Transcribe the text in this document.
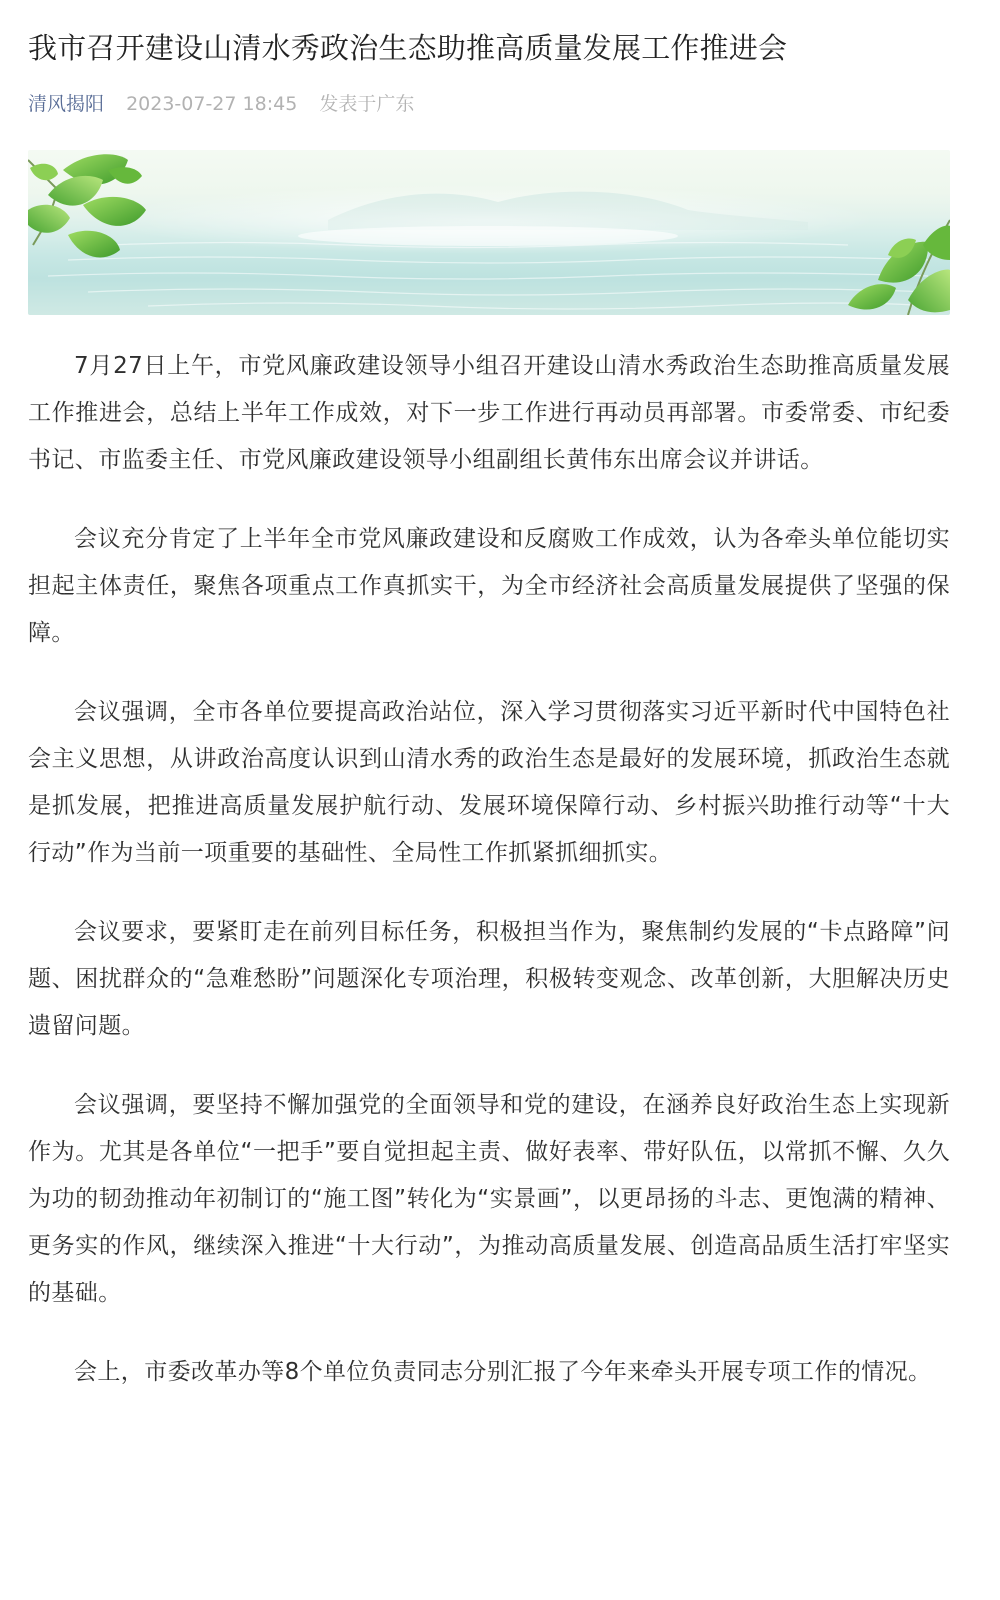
我市召开建设山清水秀政治生态助推高质量发展工作推进会
清风揭阳 2023-07-27 18:45 发表于广东

7月27日上午，市党风廉政建设领导小组召开建设山清水秀政治生态助推高质量发展工作推进会，总结上半年工作成效，对下一步工作进行再动员再部署。市委常委、市纪委书记、市监委主任、市党风廉政建设领导小组副组长黄伟东出席会议并讲话。

会议充分肯定了上半年全市党风廉政建设和反腐败工作成效，认为各牵头单位能切实担起主体责任，聚焦各项重点工作真抓实干，为全市经济社会高质量发展提供了坚强的保障。

会议强调，全市各单位要提高政治站位，深入学习贯彻落实习近平新时代中国特色社会主义思想，从讲政治高度认识到山清水秀的政治生态是最好的发展环境，抓政治生态就是抓发展，把推进高质量发展护航行动、发展环境保障行动、乡村振兴助推行动等“十大行动”作为当前一项重要的基础性、全局性工作抓紧抓细抓实。

会议要求，要紧盯走在前列目标任务，积极担当作为，聚焦制约发展的“卡点路障”问题、困扰群众的“急难愁盼”问题深化专项治理，积极转变观念、改革创新，大胆解决历史遗留问题。

会议强调，要坚持不懈加强党的全面领导和党的建设，在涵养良好政治生态上实现新作为。尤其是各单位“一把手”要自觉担起主责、做好表率、带好队伍，以常抓不懈、久久为功的韧劲推动年初制订的“施工图”转化为“实景画”，以更昂扬的斗志、更饱满的精神、更务实的作风，继续深入推进“十大行动”，为推动高质量发展、创造高品质生活打牢坚实的基础。

会上，市委改革办等8个单位负责同志分别汇报了今年来牵头开展专项工作的情况。
